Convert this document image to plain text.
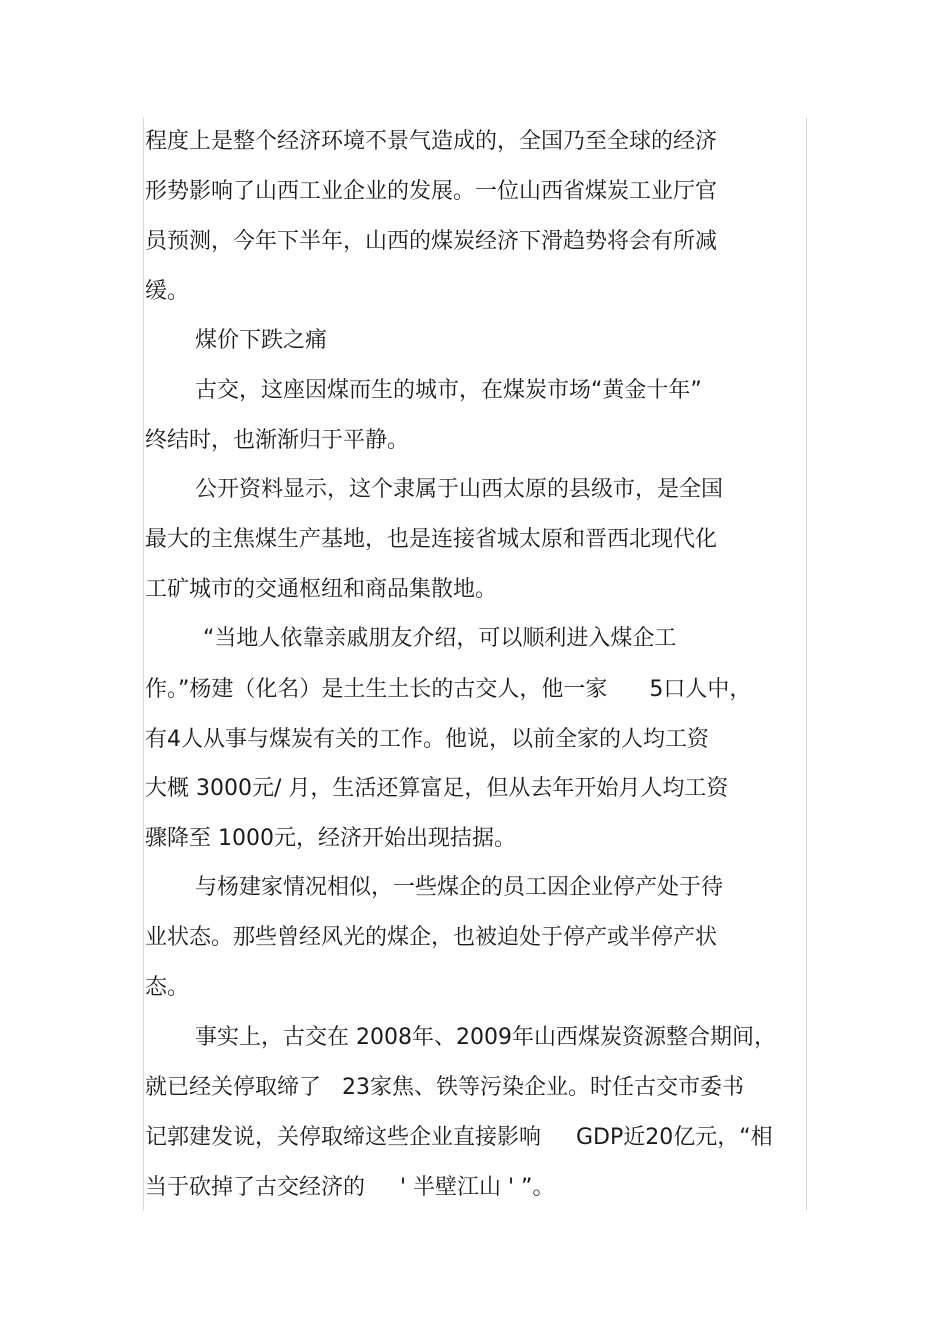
程度上是整个经济环境不景气造成的，全国乃至全球的经济
形势影响了山西工业企业的发展。一位山西省煤炭工业厅官
员预测，今年下半年，山西的煤炭经济下滑趋势将会有所减
缓。
煤价下跌之痛
古交，这座因煤而生的城市，在煤炭市场“黄金十年”
终结时，也渐渐归于平静。
公开资料显示，这个隶属于山西太原的县级市，是全国
最大的主焦煤生产基地，也是连接省城太原和晋西北现代化
工矿城市的交通枢纽和商品集散地。
“当地人依靠亲戚朋友介绍，可以顺利进入煤企工
作。”杨建（化名）是土生土长的古交人，他一家      5口人中，
有4人从事与煤炭有关的工作。他说，以前全家的人均工资
大概 3000元/ 月，生活还算富足，但从去年开始月人均工资
骤降至 1000元，经济开始出现拮据。
与杨建家情况相似，一些煤企的员工因企业停产处于待
业状态。那些曾经风光的煤企，也被迫处于停产或半停产状
态。
事实上，古交在 2008年、2009年山西煤炭资源整合期间，
就已经关停取缔了   23家焦、铁等污染企业。时任古交市委书
记郭建发说，关停取缔这些企业直接影响     GDP近20亿元，“相
当于砍掉了古交经济的     ' 半壁江山 ' ”。
